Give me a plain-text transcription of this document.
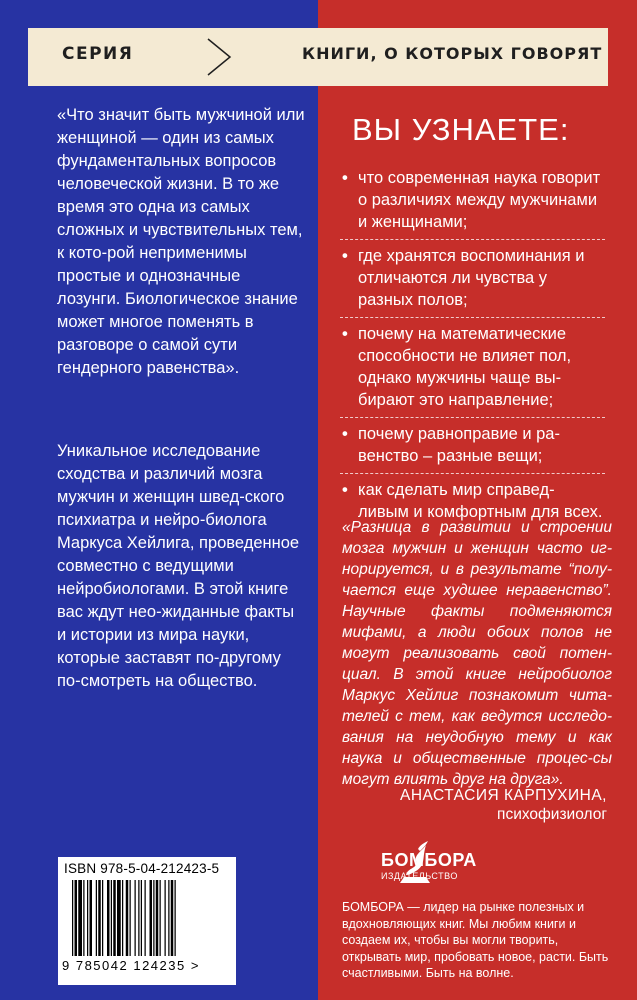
СЕРИЯ	КНИГИ, О КОТОРЫХ ГОВОРЯТ
«Что значит быть мужчиной или женщиной — один из самых фундаментальных вопросов человеческой жизни. В то же время это одна из самых сложных и чувствительных тем, к кото-рой неприменимы простые и однозначные лозунги. Биологическое знание может многое поменять в разговоре о самой сути гендерного равенства».
Уникальное исследование сходства и различий мозга мужчин и женщин швед-ского психиатра и нейро-биолога Маркуса Хейлига, проведенное совместно с ведущими нейробиологами. В этой книге вас ждут нео-жиданные факты и истории из мира науки, которые заставят по-другому по-смотреть на общество.
ВЫ УЗНАЕТЕ:
• что современная наука говорит о различиях между мужчинами и женщинами;
• где хранятся воспоминания и отличаются ли чувства у разных полов;
• почему на математические способности не влияет пол, однако мужчины чаще вы-бирают это направление;
• почему равноправие и ра-венство – разные вещи;
• как сделать мир справед-ливым и комфортным для всех.
«Разница в развитии и строении мозга мужчин и женщин часто иг-норируется, и в результате “полу-чается еще худшее неравенство”. Научные факты подменяются мифами, а люди обоих полов не могут реализовать свой потен-циал. В этой книге нейробиолог Маркус Хейлиг познакомит чита-телей с тем, как ведутся исследо-вания на неудобную тему и как наука и общественные процес-сы могут влиять друг на друга».
АНАСТАСИЯ КАРПУХИНА,
психофизиолог
БОМБОРА
ИЗДАТЕЛЬСТВО
БОМБОРА — лидер на рынке полезных и вдохновляющих книг. Мы любим книги и создаем их, чтобы вы могли творить, открывать мир, пробовать новое, расти. Быть счастливыми. Быть на волне.
ISBN 978-5-04-212423-5
9 785042 124235 >
